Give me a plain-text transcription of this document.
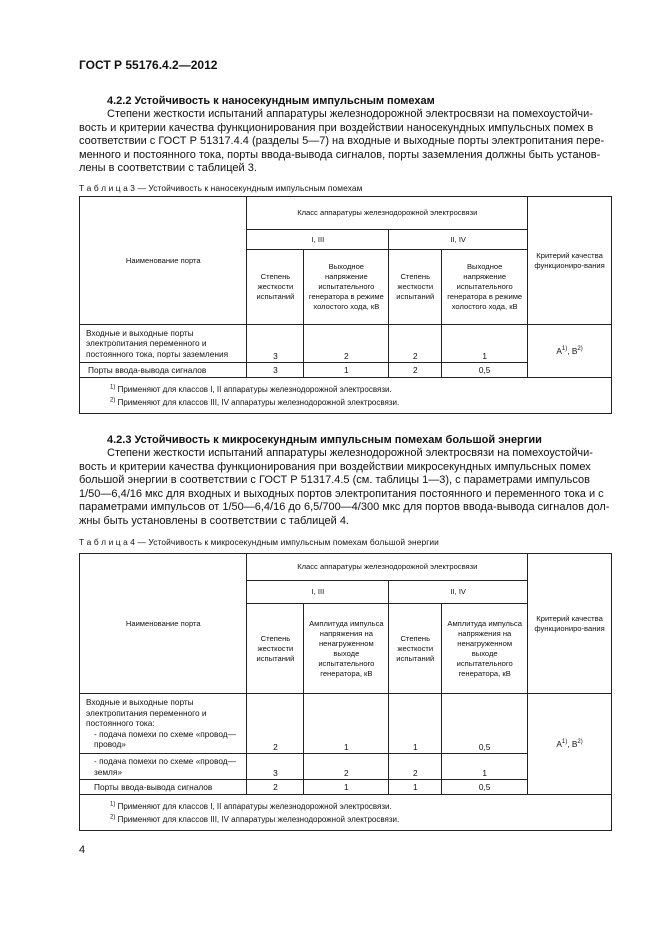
ГОСТ Р 55176.4.2—2012
4.2.2 Устойчивость к наносекундным импульсным помехам
Степени жесткости испытаний аппаратуры железнодорожной электросвязи на помехоустойчи-
вость и критерии качества функционирования при воздействии наносекундных импульсных помех в
соответствии с ГОСТ Р 51317.4.4 (разделы 5—7) на входные и выходные порты электропитания пере-
менного и постоянного тока, порты ввода-вывода сигналов, порты заземления должны быть установ-
лены в соответствии с таблицей 3.
Т а б л и ц а 3 — Устойчивость к наносекундным импульсным помехам
Наименование порта	Класс аппаратуры железнодорожной электросвязи				Критерий качества функциониро-вания
	I, III		II, IV		
	Степень жесткости испытаний	Выходное напряжение испытательного генератора в режиме холостого хода, кВ	Степень жесткости испытаний	Выходное напряжение испытательного генератора в режиме холостого хода, кВ	
Входные и выходные порты электропитания переменного и постоянного тока, порты заземления	3	2	2	1	$А^{1)}$, $В^{2)}$
Порты ввода-вывода сигналов	3	1	2	0,5	

$^{1)}$ Применяют для классов I, II аппаратуры железнодорожной электросвязи.
$^{2)}$ Применяют для классов III, IV аппаратуры железнодорожной электросвязи.					
4.2.3 Устойчивость к микросекундным импульсным помехам большой энергии
Степени жесткости испытаний аппаратуры железнодорожной электросвязи на помехоустойчи-
вость и критерии качества функционирования при воздействии микросекундных импульсных помех
большой энергии в соответствии с ГОСТ Р 51317.4.5 (см. таблицы 1—3), с параметрами импульсов
1/50—6,4/16 мкс для входных и выходных портов электропитания постоянного и переменного тока и с
параметрами импульсов от 1/50—6,4/16 до 6,5/700—4/300 мкс для портов ввода-вывода сигналов дол-
жны быть установлены в соответствии с таблицей 4.
Т а б л и ц а 4 — Устойчивость к микросекундным импульсным помехам большой энергии
Наименование порта	Класс аппаратуры железнодорожной электросвязи				Критерий качества функциониро-вания
	I, III		II, IV		
	Степень жесткости испытаний	Амплитуда импульса напряжения на ненагруженном выходе испытательного генератора, кВ	Степень жесткости испытаний	Амплитуда импульса напряжения на ненагруженном выходе испытательного генератора, кВ	

Входные и выходные порты электропитания переменного и постоянного тока:
- подача помехи по схеме «провод—провод»	2	1	1	0,5	$А^{1)}$, $В^{2)}$
- подача помехи по схеме «провод—земля»	3	2	2	1	
Порты ввода-вывода сигналов	2	1	1	0,5	

$^{1)}$ Применяют для классов I, II аппаратуры железнодорожной электросвязи.
$^{2)}$ Применяют для классов III, IV аппаратуры железнодорожной электросвязи.					
4
